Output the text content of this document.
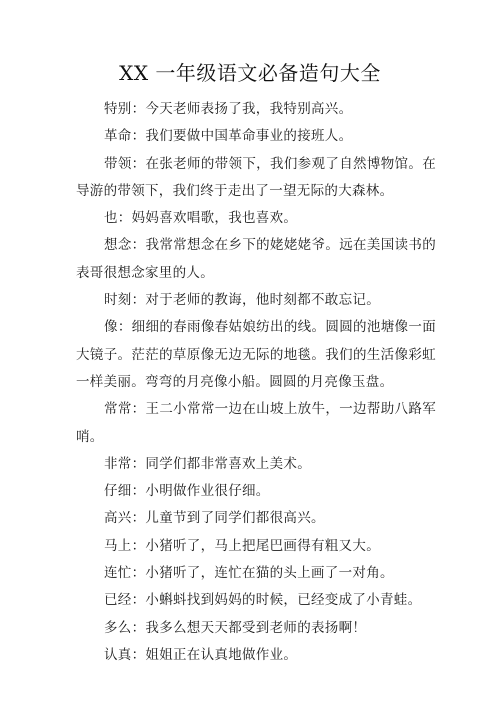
XX 一年级语文必备造句大全

特别：今天老师表扬了我，我特别高兴。

革命：我们要做中国革命事业的接班人。

带领：在张老师的带领下，我们参观了自然博物馆。在导游的带领下，我们终于走出了一望无际的大森林。

也：妈妈喜欢唱歌，我也喜欢。

想念：我常常想念在乡下的姥姥姥爷。远在美国读书的表哥很想念家里的人。

时刻：对于老师的教诲，他时刻都不敢忘记。

像：细细的春雨像春姑娘纺出的线。圆圆的池塘像一面大镜子。茫茫的草原像无边无际的地毯。我们的生活像彩虹一样美丽。弯弯的月亮像小船。圆圆的月亮像玉盘。

常常：王二小常常一边在山坡上放牛，一边帮助八路军哨。

非常：同学们都非常喜欢上美术。

仔细：小明做作业很仔细。

高兴：儿童节到了同学们都很高兴。

马上：小猪听了，马上把尾巴画得有粗又大。

连忙：小猪听了，连忙在猫的头上画了一对角。

已经：小蝌蚪找到妈妈的时候，已经变成了小青蛙。

多么：我多么想天天都受到老师的表扬啊！

认真：姐姐正在认真地做作业。
